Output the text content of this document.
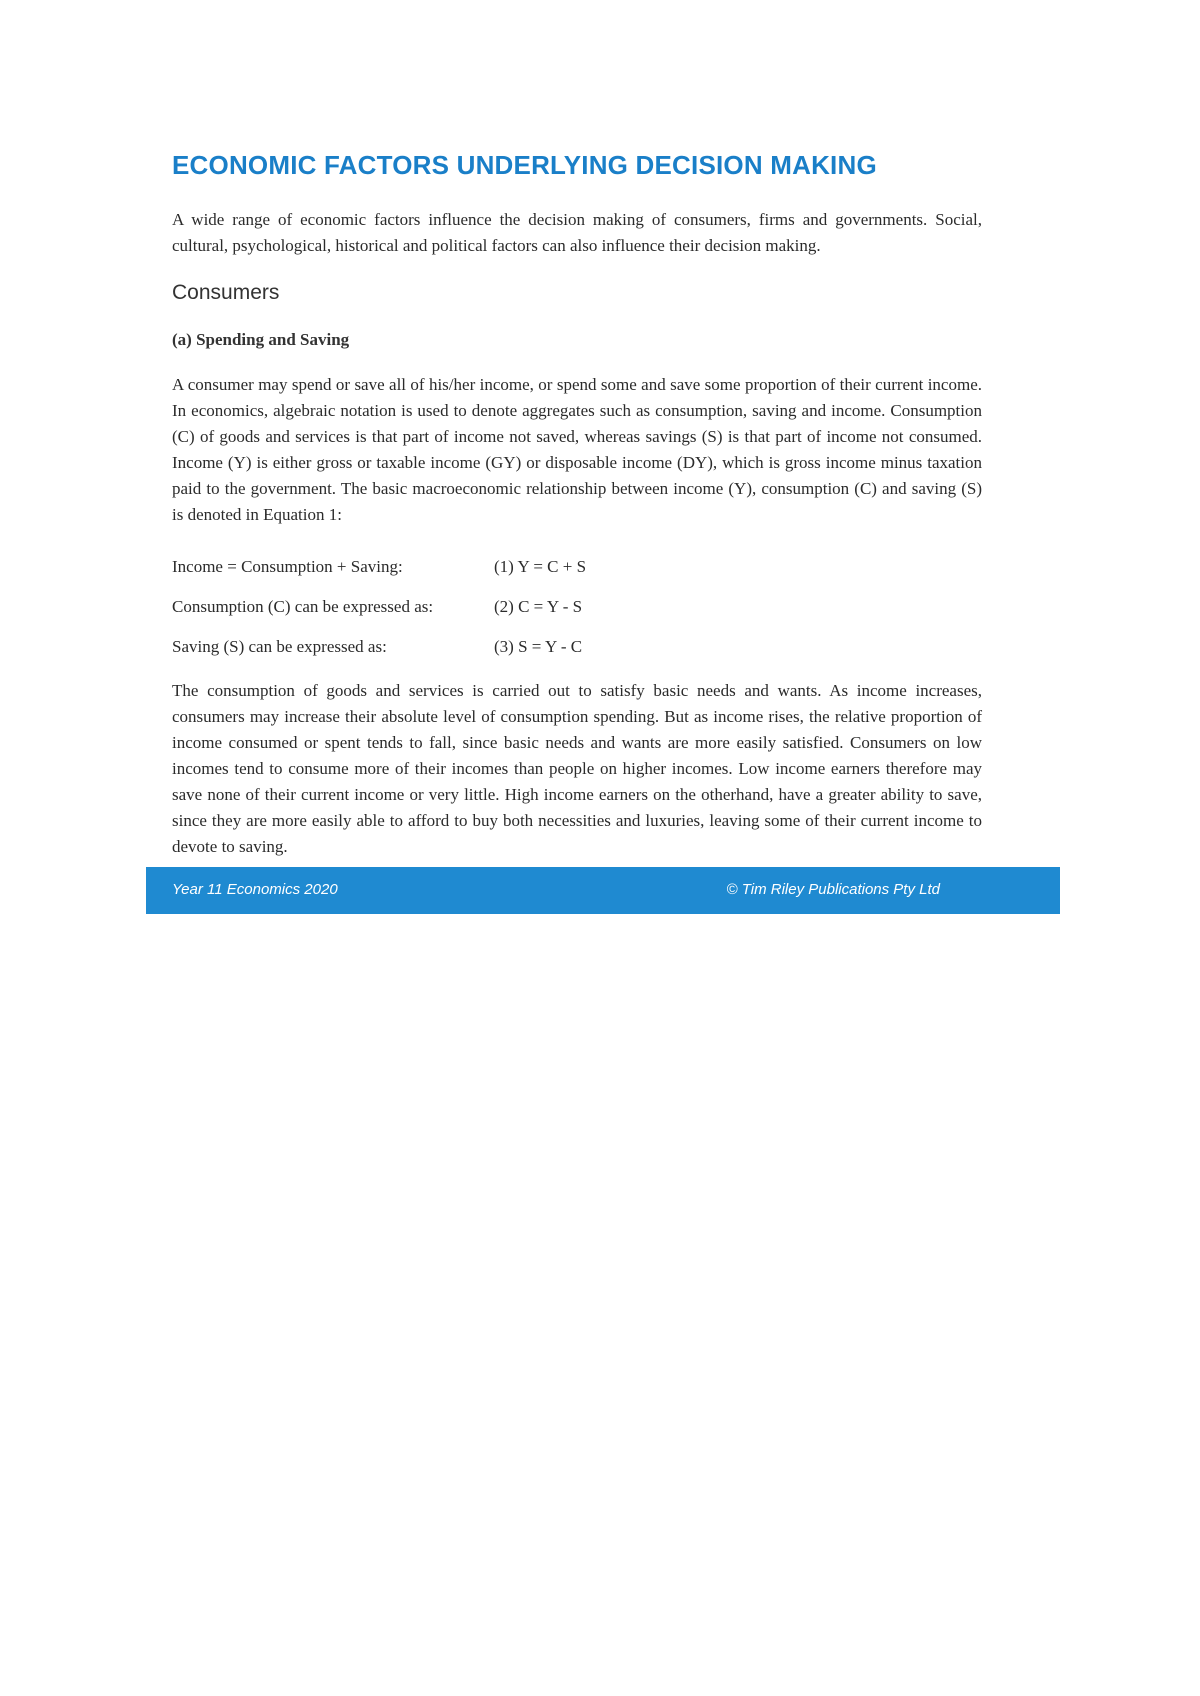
ECONOMIC FACTORS UNDERLYING DECISION MAKING

A wide range of economic factors influence the decision making of consumers, firms and governments. Social, cultural, psychological, historical and political factors can also influence their decision making.

Consumers
(a) Spending and Saving

A consumer may spend or save all of his/her income, or spend some and save some proportion of their current income. In economics, algebraic notation is used to denote aggregates such as consumption, saving and income. Consumption (C) of goods and services is that part of income not saved, whereas savings (S) is that part of income not consumed. Income (Y) is either gross or taxable income (GY) or disposable income (DY), which is gross income minus taxation paid to the government. The basic macroeconomic relationship between income (Y), consumption (C) and saving (S) is denoted in Equation 1:

Income = Consumption + Saving:	(1) Y = C + S
Consumption (C) can be expressed as:	(2) C = Y - S
Saving (S) can be expressed as:	(3) S = Y - C

The consumption of goods and services is carried out to satisfy basic needs and wants. As income increases, consumers may increase their absolute level of consumption spending. But as income rises, the relative proportion of income consumed or spent tends to fall, since basic needs and wants are more easily satisfied. Consumers on low incomes tend to consume more of their incomes than people on higher incomes. Low income earners therefore may save none of their current income or very little. High income earners on the otherhand, have a greater ability to save, since they are more easily able to afford to buy both necessities and luxuries, leaving some of their current income to devote to saving.

Year 11 Economics 2020	© Tim Riley Publications Pty Ltd
